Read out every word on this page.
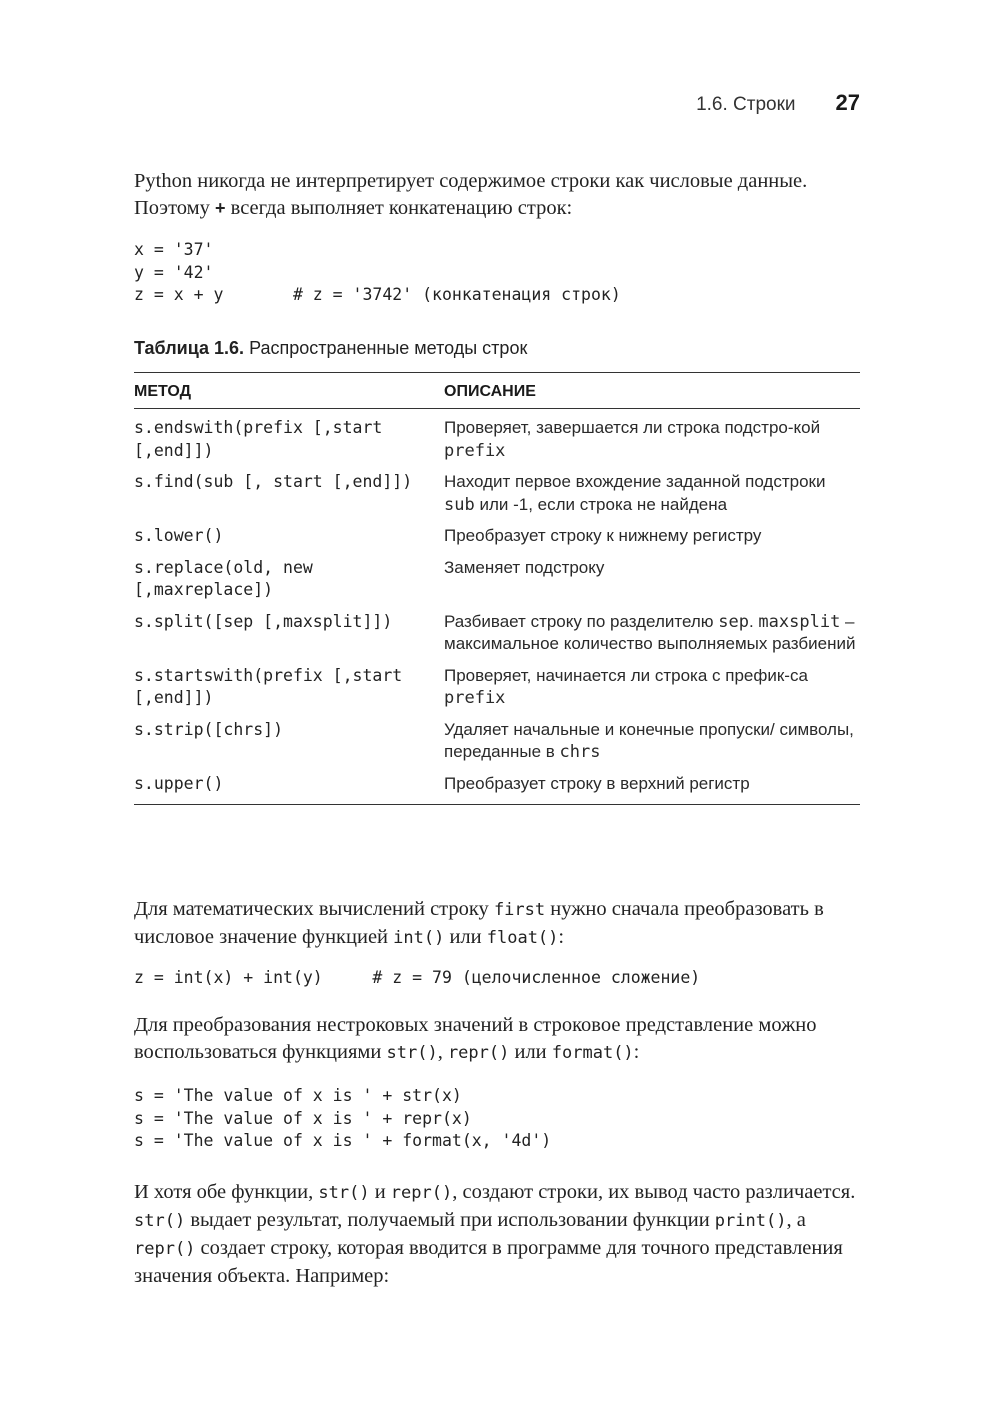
1.6. Строки 27

Python никогда не интерпретирует содержимое строки как числовые данные. Поэтому + всегда выполняет конкатенацию строк:

x = '37'
y = '42'
z = x + y       # z = '3742' (конкатенация строк)
Таблица 1.6. Распространенные методы строк
МЕТОД	ОПИСАНИЕ
s.endswith(prefix [,start
[,end]])	Проверяет, завершается ли строка подстро-кой prefix
s.find(sub [, start [,end]])	Находит первое вхождение заданной подстроки sub или -1, если строка не найдена
s.lower()	Преобразует строку к нижнему регистру
s.replace(old, new
[,maxreplace])	Заменяет подстроку
s.split([sep [,maxsplit]])	Разбивает строку по разделителю sep. maxsplit – максимальное количество выполняемых разбиений
s.startswith(prefix [,start
[,end]])	Проверяет, начинается ли строка с префик-са prefix
s.strip([chrs])	Удаляет начальные и конечные пропуски/ символы, переданные в chrs
s.upper()	Преобразует строку в верхний регистр

Для математических вычислений строку first нужно сначала преобразовать в числовое значение функцией int() или float():

z = int(x) + int(y)     # z = 79 (целочисленное сложение)

Для преобразования нестроковых значений в строковое представление можно воспользоваться функциями str(), repr() или format():

s = 'The value of x is ' + str(x)
s = 'The value of x is ' + repr(x)
s = 'The value of x is ' + format(x, '4d')

И хотя обе функции, str() и repr(), создают строки, их вывод часто различается. str() выдает результат, получаемый при использовании функции print(), а repr() создает строку, которая вводится в программе для точного представления значения объекта. Например:
